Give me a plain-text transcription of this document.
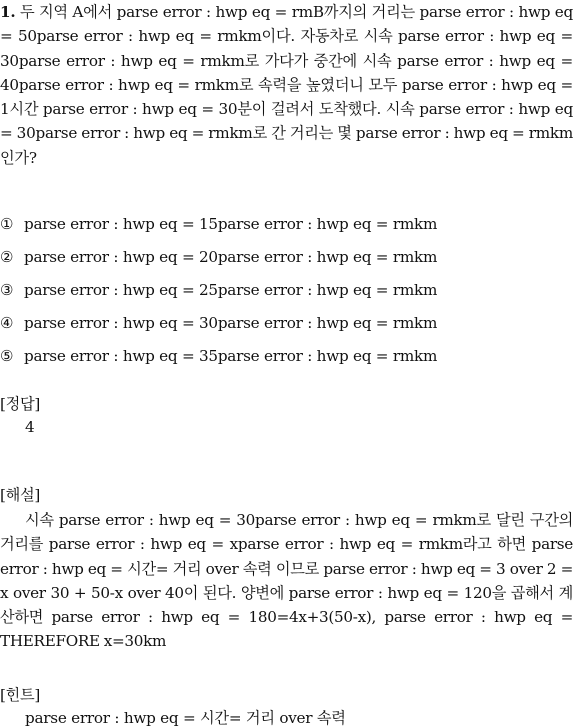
1. 두 지역 A에서 parse error : hwp eq = rmB까지의 거리는 parse error : hwp eq = 50parse error : hwp eq = rmkm이다. 자동차로 시속 parse error : hwp eq = 30parse error : hwp eq = rmkm로 가다가 중간에 시속 parse error : hwp eq = 40parse error : hwp eq = rmkm로 속력을 높였더니 모두 parse error : hwp eq = 1시간 parse error : hwp eq = 30분이 걸려서 도착했다. 시속 parse error : hwp eq = 30parse error : hwp eq = rmkm로 간 거리는 몇 parse error : hwp eq = rmkm인가?
① parse error : hwp eq = 15parse error : hwp eq = rmkm
② parse error : hwp eq = 20parse error : hwp eq = rmkm
③ parse error : hwp eq = 25parse error : hwp eq = rmkm
④ parse error : hwp eq = 30parse error : hwp eq = rmkm
⑤ parse error : hwp eq = 35parse error : hwp eq = rmkm
[정답]
4
[해설]
시속 parse error : hwp eq = 30parse error : hwp eq = rmkm로 달린 구간의 거리를 parse error : hwp eq = xparse error : hwp eq = rmkm라고 하면 parse error : hwp eq = 시간= 거리 over 속력 이므로 parse error : hwp eq = 3 over 2 = x over 30 + 50-x over 40이 된다. 양변에 parse error : hwp eq = 120을 곱해서 계산하면 parse error : hwp eq = 180=4x+3(50-x), parse error : hwp eq = THEREFORE x=30km
[힌트]
parse error : hwp eq = 시간= 거리 over 속력
